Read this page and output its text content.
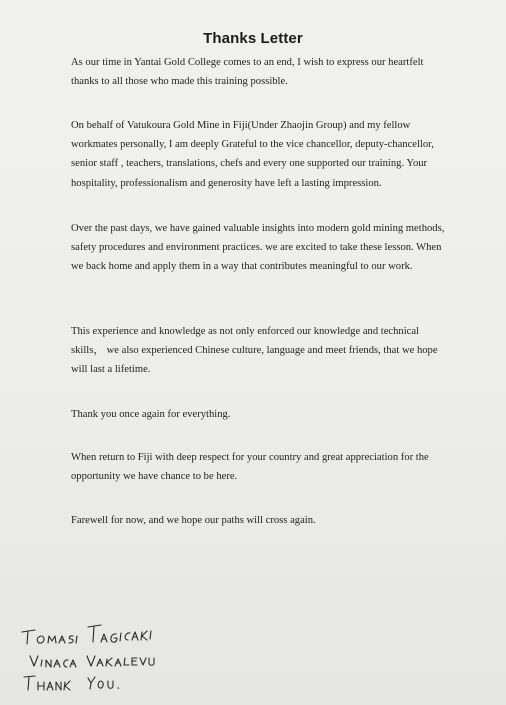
Thanks Letter

As our time in Yantai Gold College comes to an end, I wish to express our heartfelt thanks to all those who made this training possible.

On behalf of Vatukoura Gold Mine in Fiji(Under Zhaojin Group) and my fellow workmates personally, I am deeply Grateful to the vice chancellor, deputy-chancellor, senior staff , teachers, translations, chefs and every one supported our training. Your hospitality, professionalism and generosity have left a lasting impression.

Over the past days, we have gained valuable insights into modern gold mining methods, safety procedures and environment practices. we are excited to take these lesson. When we back home and apply them in a way that contributes meaningful to our work.

This experience and knowledge as not only enforced our knowledge and technical skills， we also experienced Chinese culture, language and meet friends, that we hope will last a lifetime.

Thank you once again for everything.

When return to Fiji with deep respect for your country and great appreciation for the opportunity we have chance to be here.

Farewell for now, and we hope our paths will cross again.
